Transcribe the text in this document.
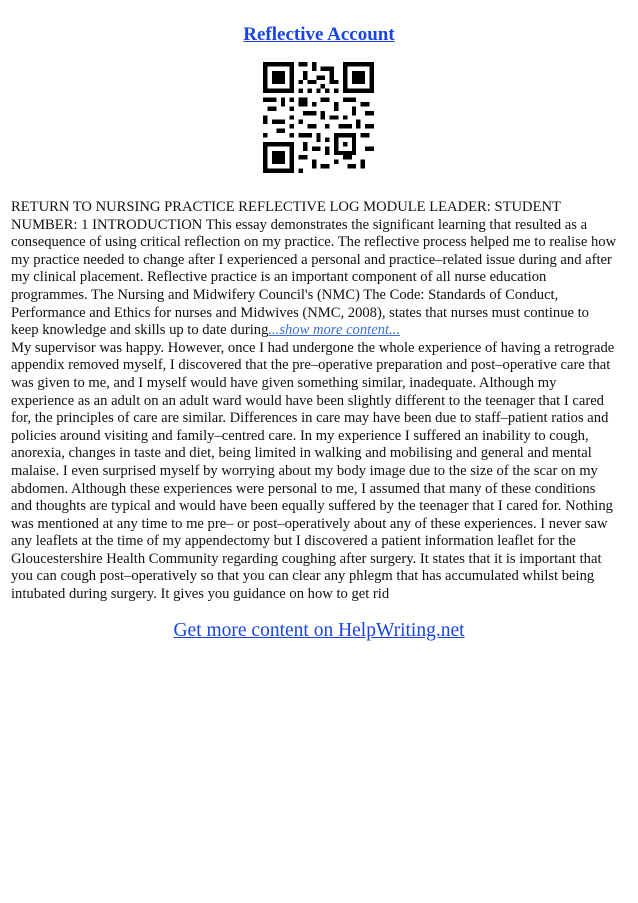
Reflective Account

RETURN TO NURSING PRACTICE REFLECTIVE LOG MODULE LEADER: STUDENT NUMBER: 1 INTRODUCTION This essay demonstrates the significant learning that resulted as a consequence of using critical reflection on my practice. The reflective process helped me to realise how my practice needed to change after I experienced a personal and practice–related issue during and after my clinical placement. Reflective practice is an important component of all nurse education programmes. The Nursing and Midwifery Council's (NMC) The Code: Standards of Conduct, Performance and Ethics for nurses and Midwives (NMC, 2008), states that nurses must continue to keep knowledge and skills up to date during...show more content...

My supervisor was happy. However, once I had undergone the whole experience of having a retrograde appendix removed myself, I discovered that the pre–operative preparation and post–operative care that was given to me, and I myself would have given something similar, inadequate. Although my experience as an adult on an adult ward would have been slightly different to the teenager that I cared for, the principles of care are similar. Differences in care may have been due to staff–patient ratios and policies around visiting and family–centred care. In my experience I suffered an inability to cough, anorexia, changes in taste and diet, being limited in walking and mobilising and general and mental malaise. I even surprised myself by worrying about my body image due to the size of the scar on my abdomen. Although these experiences were personal to me, I assumed that many of these conditions and thoughts are typical and would have been equally suffered by the teenager that I cared for. Nothing was mentioned at any time to me pre– or post–operatively about any of these experiences. I never saw any leaflets at the time of my appendectomy but I discovered a patient information leaflet for the Gloucestershire Health Community regarding coughing after surgery. It states that it is important that you can cough post–operatively so that you can clear any phlegm that has accumulated whilst being intubated during surgery. It gives you guidance on how to get rid

Get more content on HelpWriting.net
